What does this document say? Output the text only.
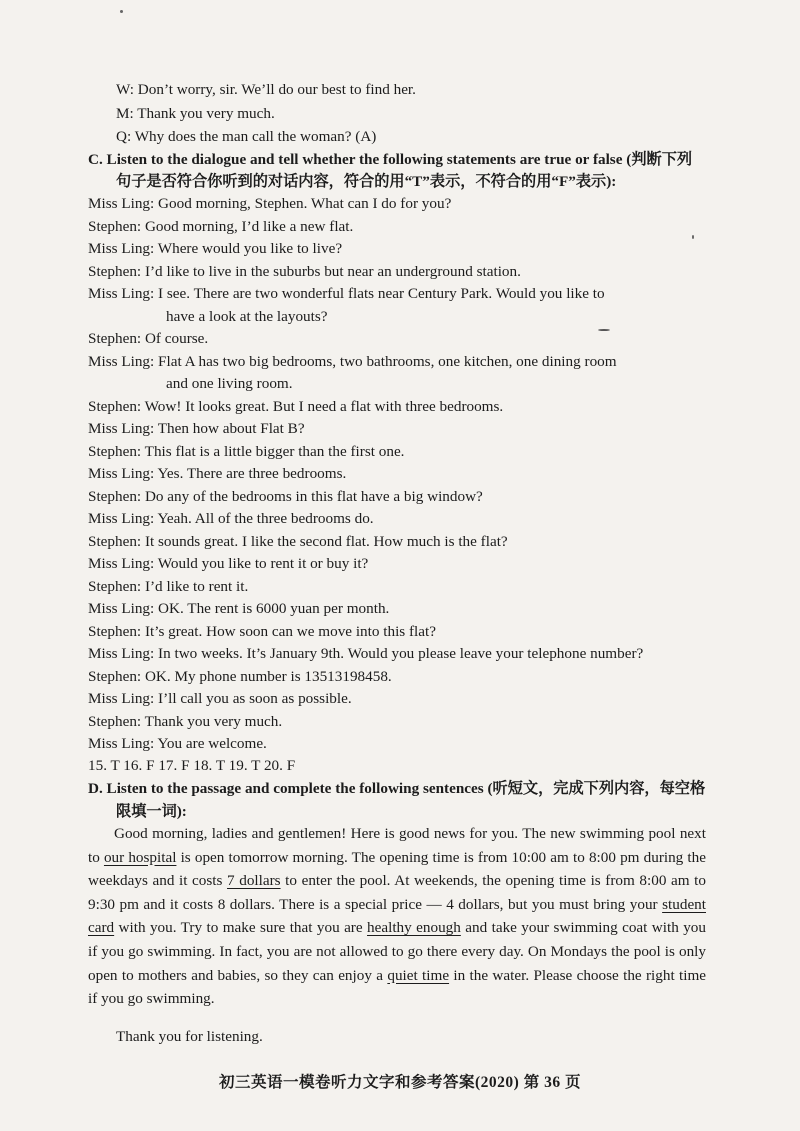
W: Don’t worry, sir. We’ll do our best to find her.
M: Thank you very much.
Q: Why does the man call the woman? (A)
C. Listen to the dialogue and tell whether the following statements are true or false (判断下列
句子是否符合你听到的对话内容，符合的用“T”表示，不符合的用“F”表示):
Miss Ling: Good morning, Stephen. What can I do for you?
Stephen: Good morning, I’d like a new flat.
Miss Ling: Where would you like to live?
Stephen: I’d like to live in the suburbs but near an underground station.
Miss Ling: I see. There are two wonderful flats near Century Park. Would you like to
have a look at the layouts?
Stephen: Of course.
Miss Ling: Flat A has two big bedrooms, two bathrooms, one kitchen, one dining room
and one living room.
Stephen: Wow! It looks great. But I need a flat with three bedrooms.
Miss Ling: Then how about Flat B?
Stephen: This flat is a little bigger than the first one.
Miss Ling: Yes. There are three bedrooms.
Stephen: Do any of the bedrooms in this flat have a big window?
Miss Ling: Yeah. All of the three bedrooms do.
Stephen: It sounds great. I like the second flat. How much is the flat?
Miss Ling: Would you like to rent it or buy it?
Stephen: I’d like to rent it.
Miss Ling: OK. The rent is 6000 yuan per month.
Stephen: It’s great. How soon can we move into this flat?
Miss Ling: In two weeks. It’s January 9th. Would you please leave your telephone number?
Stephen: OK. My phone number is 13513198458.
Miss Ling: I’ll call you as soon as possible.
Stephen: Thank you very much.
Miss Ling: You are welcome.
15. T 16. F 17. F 18. T 19. T 20. F
D. Listen to the passage and complete the following sentences (听短文，完成下列内容，每空格
限填一词):

Good morning, ladies and gentlemen! Here is good news for you. The new swimming pool next to our hospital is open tomorrow morning. The opening time is from 10:00 am to 8:00 pm during the weekdays and it costs 7 dollars to enter the pool. At weekends, the opening time is from 8:00 am to 9:30 pm and it costs 8 dollars. There is a special price — 4 dollars, but you must bring your student card with you. Try to make sure that you are healthy enough and take your swimming coat with you if you go swimming. In fact, you are not allowed to go there every day. On Mondays the pool is only open to mothers and babies, so they can enjoy a quiet time in the water. Please choose the right time if you go swimming.

Thank you for listening.
初三英语一模卷听力文字和参考答案(2020) 第 36 页
